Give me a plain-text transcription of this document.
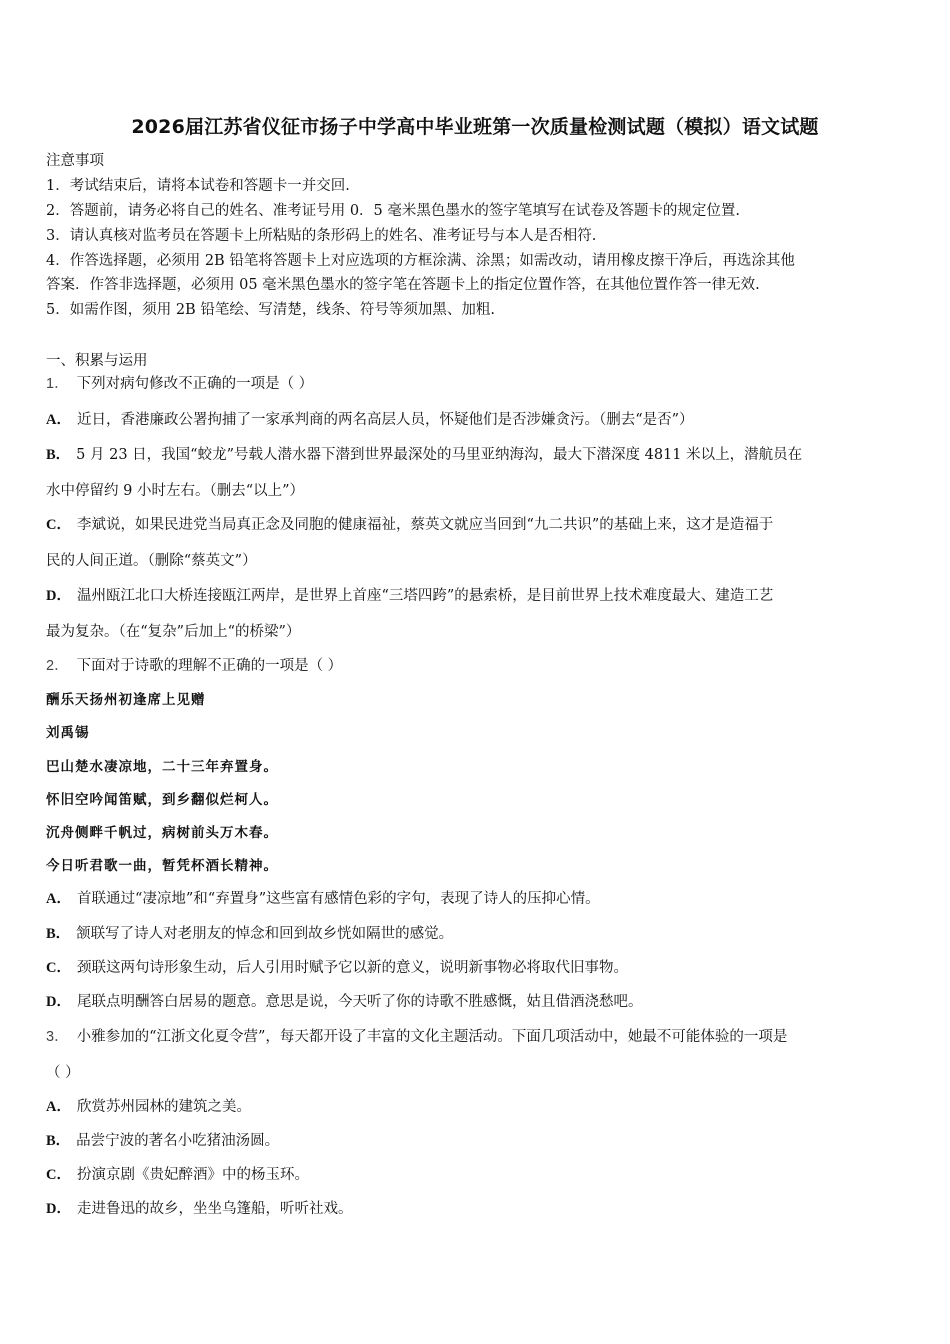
2026届江苏省仪征市扬子中学高中毕业班第一次质量检测试题（模拟）语文试题
注意事项
1．考试结束后，请将本试卷和答题卡一并交回.
2．答题前，请务必将自己的姓名、准考证号用 0．5 毫米黑色墨水的签字笔填写在试卷及答题卡的规定位置.
3．请认真核对监考员在答题卡上所粘贴的条形码上的姓名、准考证号与本人是否相符.
4．作答选择题，必须用 2B 铅笔将答题卡上对应选项的方框涂满、涂黑；如需改动，请用橡皮擦干净后，再选涂其他
答案．作答非选择题，必须用 05 毫米黑色墨水的签字笔在答题卡上的指定位置作答，在其他位置作答一律无效.
5．如需作图，须用 2B 铅笔绘、写清楚，线条、符号等须加黑、加粗.
一、积累与运用
1． 下列对病句修改不正确的一项是（ ）
A． 近日，香港廉政公署拘捕了一家承判商的两名高层人员，怀疑他们是否涉嫌贪污。（删去“是否”）
B． 5 月 23 日，我国“蛟龙”号载人潜水器下潜到世界最深处的马里亚纳海沟，最大下潜深度 4811 米以上，潜航员在
水中停留约 9 小时左右。（删去“以上”）
C． 李斌说，如果民进党当局真正念及同胞的健康福祉，蔡英文就应当回到“九二共识”的基础上来，这才是造福于
民的人间正道。（删除“蔡英文”）
D． 温州瓯江北口大桥连接瓯江两岸，是世界上首座“三塔四跨”的悬索桥，是目前世界上技术难度最大、建造工艺
最为复杂。（在“复杂”后加上“的桥梁”）
2． 下面对于诗歌的理解不正确的一项是（ ）
酬乐天扬州初逢席上见赠
刘禹锡
巴山楚水凄凉地，二十三年弃置身。
怀旧空吟闻笛赋，到乡翻似烂柯人。
沉舟侧畔千帆过，病树前头万木春。
今日听君歌一曲，暂凭杯酒长精神。
A． 首联通过“凄凉地”和“弃置身”这些富有感情色彩的字句，表现了诗人的压抑心情。
B． 颔联写了诗人对老朋友的悼念和回到故乡恍如隔世的感觉。
C． 颈联这两句诗形象生动，后人引用时赋予它以新的意义，说明新事物必将取代旧事物。
D． 尾联点明酬答白居易的题意。意思是说，今天听了你的诗歌不胜感慨，姑且借酒浇愁吧。
3． 小雅参加的“江浙文化夏令营”，每天都开设了丰富的文化主题活动。下面几项活动中，她最不可能体验的一项是
（ ）
A． 欣赏苏州园林的建筑之美。
B． 品尝宁波的著名小吃猪油汤圆。
C． 扮演京剧《贵妃醉酒》中的杨玉环。
D． 走进鲁迅的故乡，坐坐乌篷船，听听社戏。
